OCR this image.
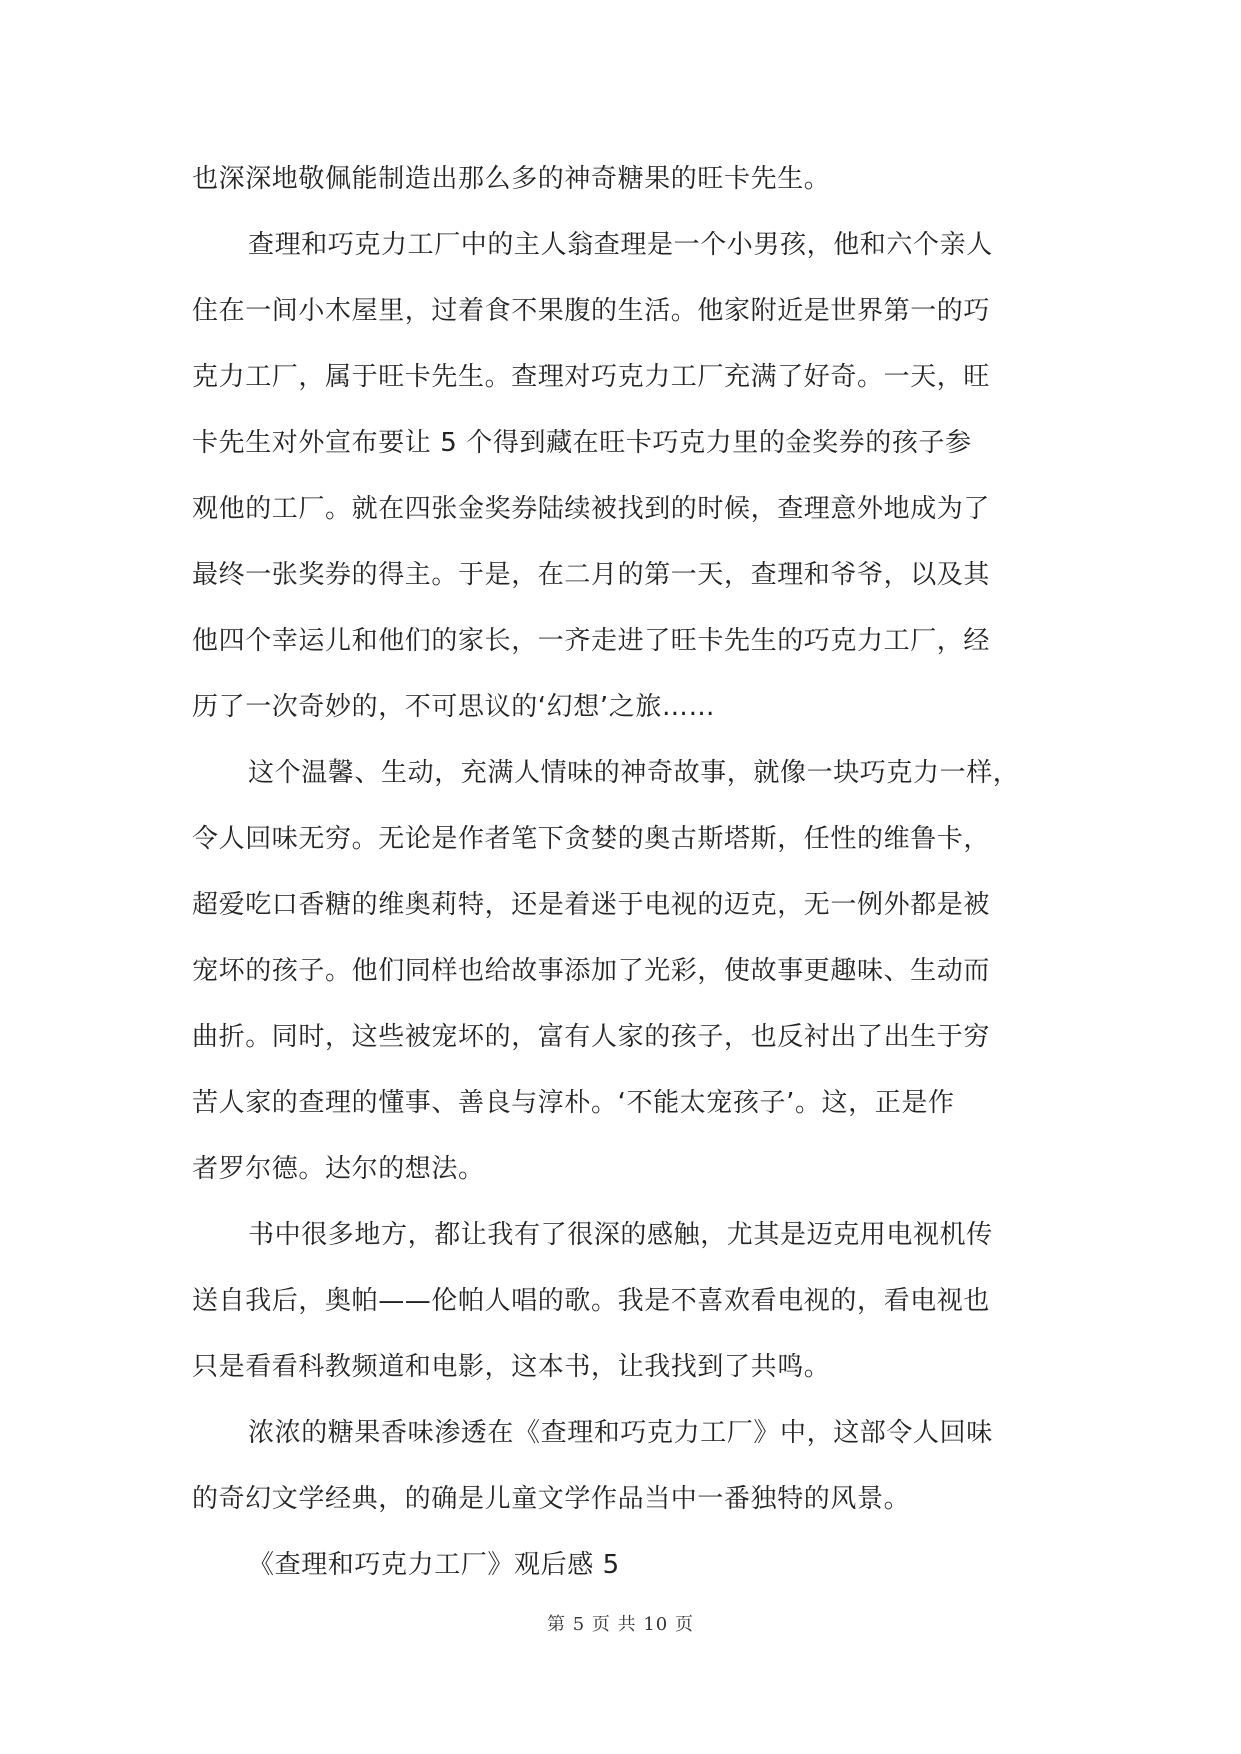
也深深地敬佩能制造出那么多的神奇糖果的旺卡先生。
查理和巧克力工厂中的主人翁查理是一个小男孩，他和六个亲人
住在一间小木屋里，过着食不果腹的生活。他家附近是世界第一的巧
克力工厂，属于旺卡先生。查理对巧克力工厂充满了好奇。一天，旺
卡先生对外宣布要让 5 个得到藏在旺卡巧克力里的金奖券的孩子参
观他的工厂。就在四张金奖券陆续被找到的时候，查理意外地成为了
最终一张奖券的得主。于是，在二月的第一天，查理和爷爷，以及其
他四个幸运儿和他们的家长，一齐走进了旺卡先生的巧克力工厂，经
历了一次奇妙的，不可思议的‘幻想’之旅……
这个温馨、生动，充满人情味的神奇故事，就像一块巧克力一样，
令人回味无穷。无论是作者笔下贪婪的奥古斯塔斯，任性的维鲁卡，
超爱吃口香糖的维奥莉特，还是着迷于电视的迈克，无一例外都是被
宠坏的孩子。他们同样也给故事添加了光彩，使故事更趣味、生动而
曲折。同时，这些被宠坏的，富有人家的孩子，也反衬出了出生于穷
苦人家的查理的懂事、善良与淳朴。‘不能太宠孩子’。这，正是作
者罗尔德。达尔的想法。
书中很多地方，都让我有了很深的感触，尤其是迈克用电视机传
送自我后，奥帕——伦帕人唱的歌。我是不喜欢看电视的，看电视也
只是看看科教频道和电影，这本书，让我找到了共鸣。
浓浓的糖果香味渗透在《查理和巧克力工厂》中，这部令人回味
的奇幻文学经典，的确是儿童文学作品当中一番独特的风景。
《查理和巧克力工厂》观后感 5
第 5 页 共 10 页
